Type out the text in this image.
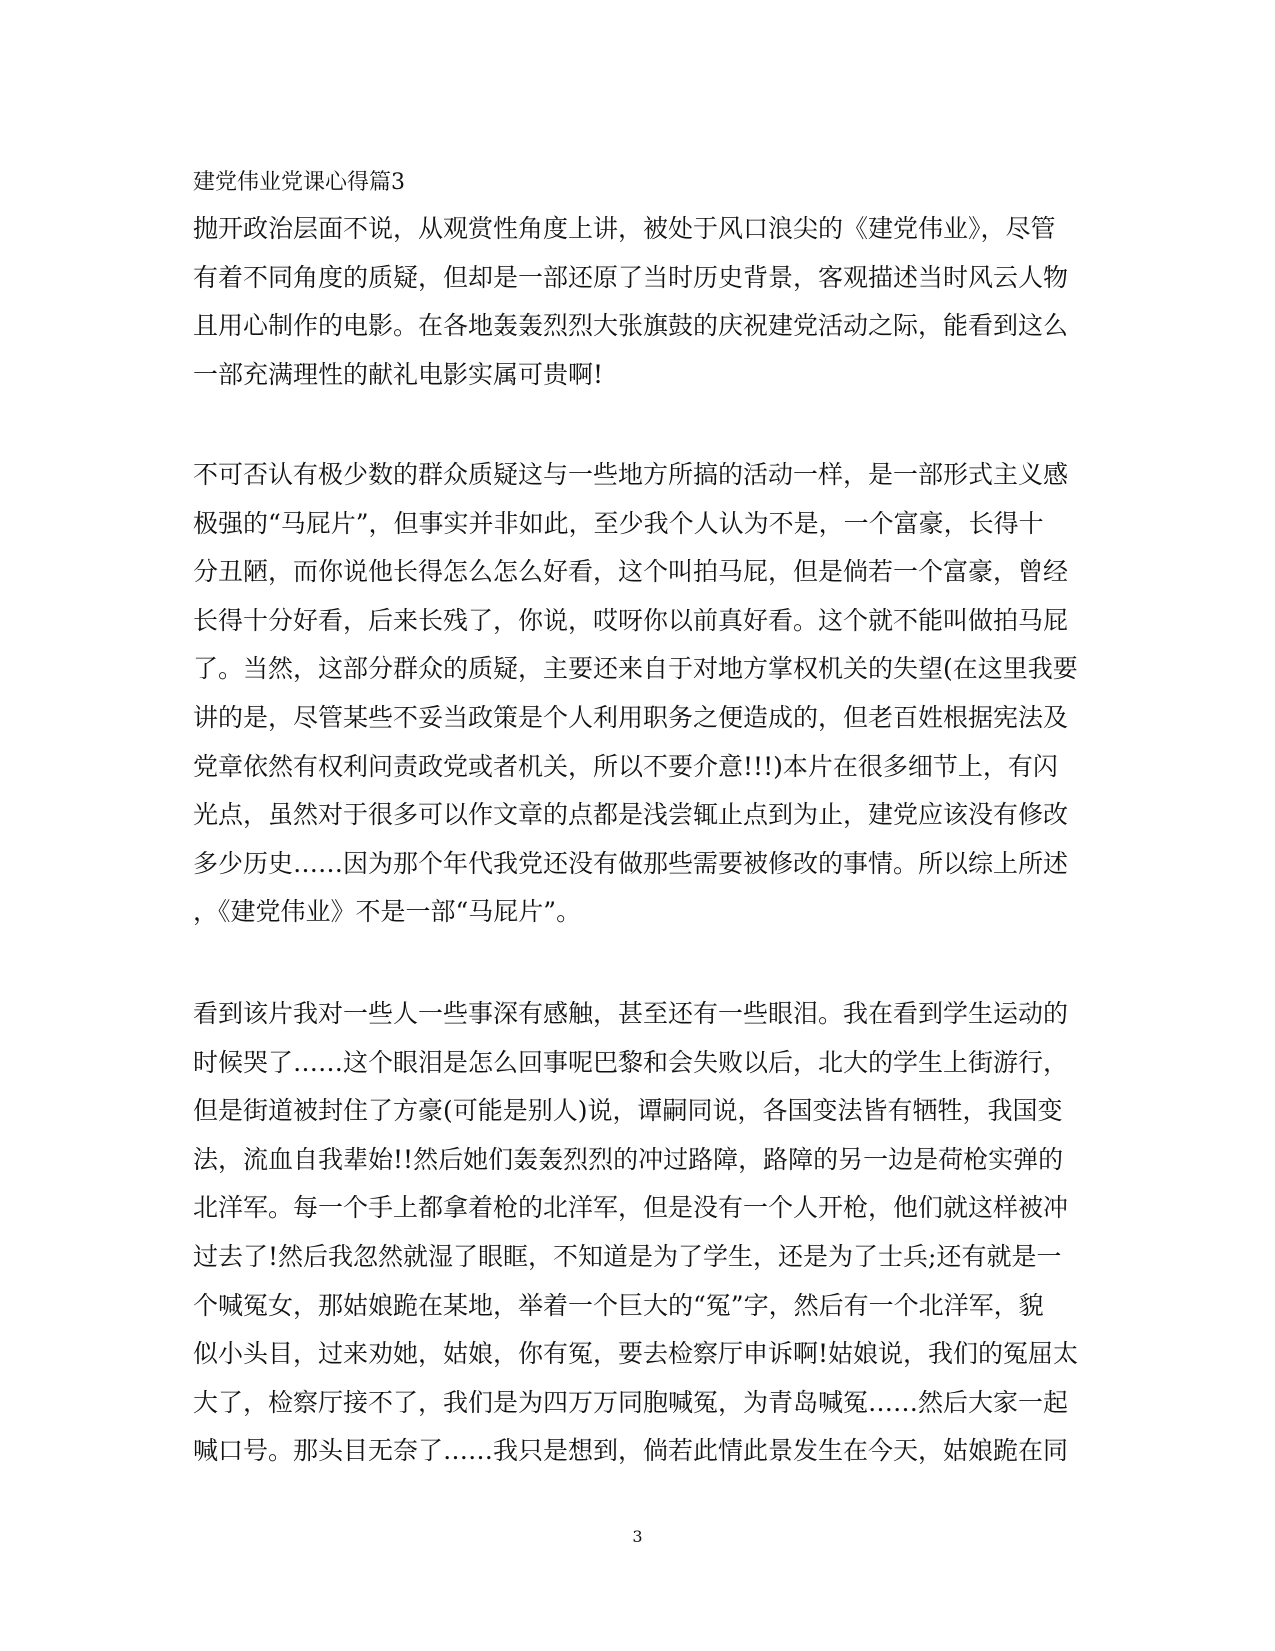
建党伟业党课心得篇3
抛开政治层面不说，从观赏性角度上讲，被处于风口浪尖的《建党伟业》，尽管
有着不同角度的质疑，但却是一部还原了当时历史背景，客观描述当时风云人物
且用心制作的电影。在各地轰轰烈烈大张旗鼓的庆祝建党活动之际，能看到这么
一部充满理性的献礼电影实属可贵啊!
不可否认有极少数的群众质疑这与一些地方所搞的活动一样，是一部形式主义感
极强的“马屁片”，但事实并非如此，至少我个人认为不是，一个富豪，长得十
分丑陋，而你说他长得怎么怎么好看，这个叫拍马屁，但是倘若一个富豪，曾经
长得十分好看，后来长残了，你说，哎呀你以前真好看。这个就不能叫做拍马屁
了。当然，这部分群众的质疑，主要还来自于对地方掌权机关的失望(在这里我要
讲的是，尽管某些不妥当政策是个人利用职务之便造成的，但老百姓根据宪法及
党章依然有权利问责政党或者机关，所以不要介意!!!)本片在很多细节上，有闪
光点，虽然对于很多可以作文章的点都是浅尝辄止点到为止，建党应该没有修改
多少历史……因为那个年代我党还没有做那些需要被修改的事情。所以综上所述
，《建党伟业》不是一部“马屁片”。
看到该片我对一些人一些事深有感触，甚至还有一些眼泪。我在看到学生运动的
时候哭了……这个眼泪是怎么回事呢巴黎和会失败以后，北大的学生上街游行，
但是街道被封住了方豪(可能是别人)说，谭嗣同说，各国变法皆有牺牲，我国变
法，流血自我辈始!!然后她们轰轰烈烈的冲过路障，路障的另一边是荷枪实弹的
北洋军。每一个手上都拿着枪的北洋军，但是没有一个人开枪，他们就这样被冲
过去了!然后我忽然就湿了眼眶，不知道是为了学生，还是为了士兵;还有就是一
个喊冤女，那姑娘跪在某地，举着一个巨大的“冤”字，然后有一个北洋军，貌
似小头目，过来劝她，姑娘，你有冤，要去检察厅申诉啊!姑娘说，我们的冤屈太
大了，检察厅接不了，我们是为四万万同胞喊冤，为青岛喊冤……然后大家一起
喊口号。那头目无奈了……我只是想到，倘若此情此景发生在今天，姑娘跪在同

3
